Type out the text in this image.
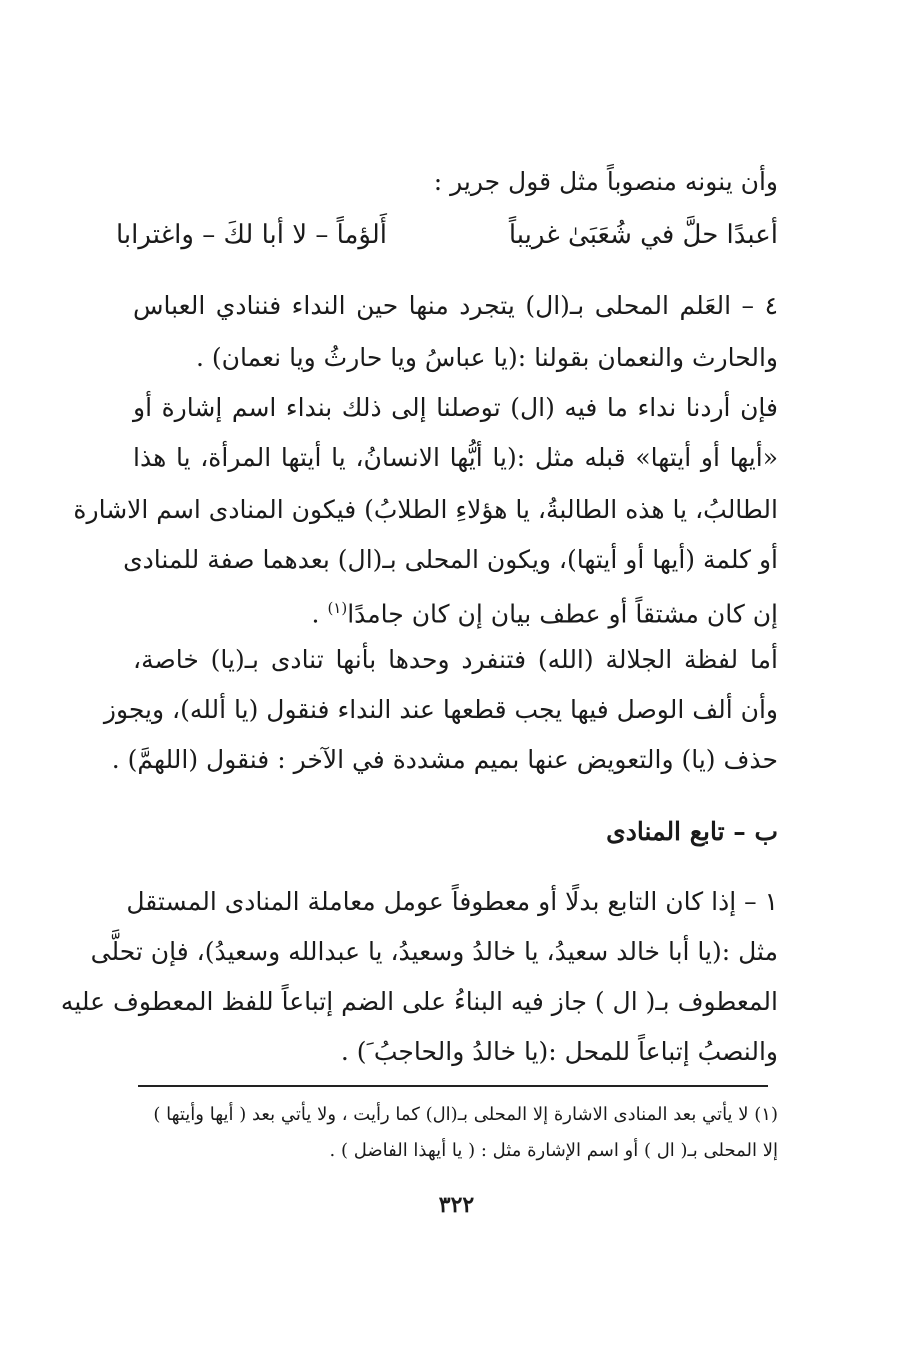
وأن ينونه منصوباً مثل قول جرير :
أعبدًا حلَّ في شُعَبَىٰ غريباً
أَلؤماً – لا أبا لكَ – واغترابا
٤ – العَلم المحلى بـ(ال) يتجرد منها حين النداء فننادي العباس
والحارث والنعمان بقولنا :(يا عباسُ ويا حارثُ ويا نعمان) .
فإن أردنا نداء ما فيه (ال) توصلنا إلى ذلك بنداء اسم إشارة أو
«أيها أو أيتها» قبله مثل :(يا أيُّها الانسانُ، يا أيتها المرأة، يا هذا
الطالبُ، يا هذه الطالبةُ، يا هؤلاءِ الطلابُ) فيكون المنادى اسم الاشارة
أو كلمة (أيها أو أيتها)، ويكون المحلى بـ(ال) بعدهما صفة للمنادى
إن كان مشتقاً أو عطف بيان إن كان جامدًا$^{(١)}$ .
أما لفظة الجلالة (الله) فتنفرد وحدها بأنها تنادى بـ(يا) خاصة،
وأن ألف الوصل فيها يجب قطعها عند النداء فنقول (يا ألله)، ويجوز
حذف (يا) والتعويض عنها بميم مشددة في الآخر : فنقول (اللهمَّ) .
ب – تابع المنادى
١ – إذا كان التابع بدلًا أو معطوفاً عومل معاملة المنادى المستقل
مثل :(يا أبا خالد سعيدُ، يا خالدُ وسعيدُ، يا عبدالله وسعيدُ)، فإن تحلَّى
المعطوف بـ( ال ) جاز فيه البناءُ على الضم إتباعاً للفظ المعطوف عليه
والنصبُ إتباعاً للمحل :(يا خالدُ والحاجبُ َ) .
(١) لا يأتي بعد المنادى الاشارة إلا المحلى بـ(ال) كما رأيت ، ولا يأتي بعد ( أيها وأيتها )
إلا المحلى بـ( ال ) أو اسم الإشارة مثل : ( يا أيهذا الفاضل ) .
٣٢٢
